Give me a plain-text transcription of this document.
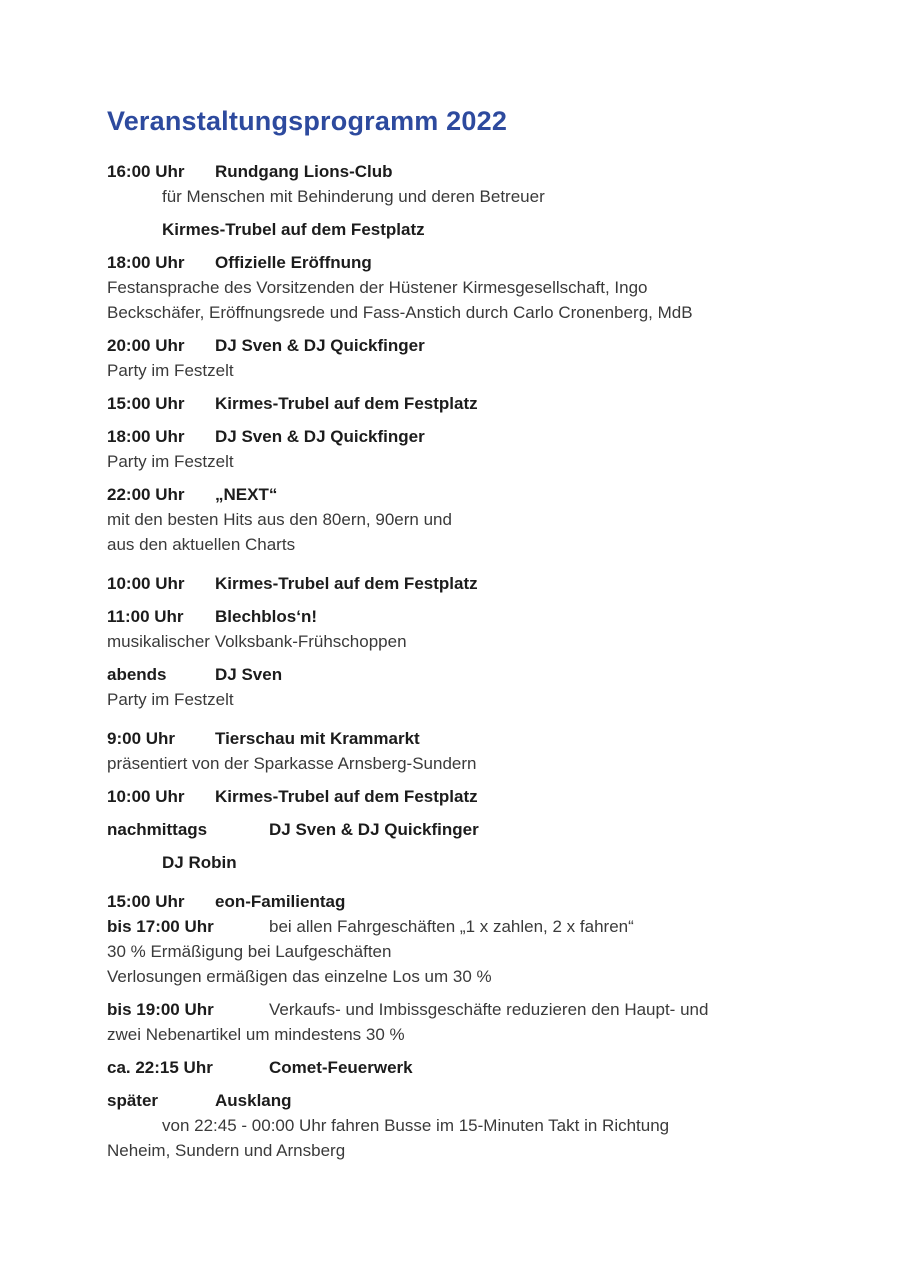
Veranstaltungsprogramm 2022
16:00 Uhr Rundgang Lions-Club
für Menschen mit Behinderung und deren Betreuer
Kirmes-Trubel auf dem Festplatz
18:00 Uhr Offizielle Eröffnung
Festansprache des Vorsitzenden der Hüstener Kirmesgesellschaft, Ingo
Beckschäfer, Eröffnungsrede und Fass-Anstich durch Carlo Cronenberg, MdB
20:00 Uhr DJ Sven & DJ Quickfinger
Party im Festzelt
15:00 Uhr Kirmes-Trubel auf dem Festplatz
18:00 Uhr DJ Sven & DJ Quickfinger
Party im Festzelt
22:00 Uhr „NEXT“
mit den besten Hits aus den 80ern, 90ern und
aus den aktuellen Charts
10:00 Uhr Kirmes-Trubel auf dem Festplatz
11:00 Uhr Blechblos‘n!
musikalischer Volksbank-Frühschoppen
abends	DJ Sven
Party im Festzelt
9:00 Uhr Tierschau mit Krammarkt
präsentiert von der Sparkasse Arnsberg-Sundern
10:00 Uhr Kirmes-Trubel auf dem Festplatz
nachmittags	DJ Sven & DJ Quickfinger
DJ Robin
15:00 Uhr eon-Familientag
bis 17:00 Uhr	bei allen Fahrgeschäften „1 x zahlen, 2 x fahren“
30 % Ermäßigung bei Laufgeschäften
Verlosungen ermäßigen das einzelne Los um 30 %
bis 19:00 Uhr	Verkaufs- und Imbissgeschäfte reduzieren den Haupt- und
zwei Nebenartikel um mindestens 30 %
ca. 22:15 Uhr	Comet-Feuerwerk
später	Ausklang
von 22:45 - 00:00 Uhr fahren Busse im 15-Minuten Takt in Richtung
Neheim, Sundern und Arnsberg
